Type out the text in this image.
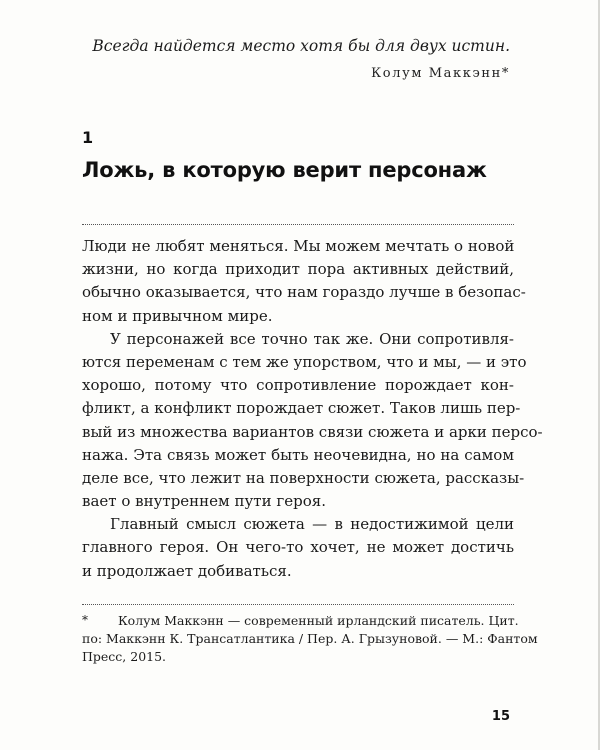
Всегда найдется место хотя бы для двух истин.
Колум Маккэнн*
1
Ложь, в которую верит персонаж
Люди не любят меняться. Мы можем мечтать о новой
жизни, но когда приходит пора активных действий,
обычно оказывается, что нам гораздо лучше в безопас-
ном и привычном мире.
У персонажей все точно так же. Они сопротивля-
ются переменам с тем же упорством, что и мы, — и это
хорошо, потому что сопротивление порождает кон-
фликт, а конфликт порождает сюжет. Таков лишь пер-
вый из множества вариантов связи сюжета и арки персо-
нажа. Эта связь может быть неочевидна, но на самом
деле все, что лежит на поверхности сюжета, рассказы-
вает о внутреннем пути героя.
Главный смысл сюжета — в недостижимой цели
главного героя. Он чего-то хочет, не может достичь
и продолжает добиваться.
*	Колум Маккэнн — современный ирландский писатель. Цит.
по: Маккэнн К. Трансатлантика / Пер. А. Грызуновой. — М.: Фантом
Пресс, 2015.
15
